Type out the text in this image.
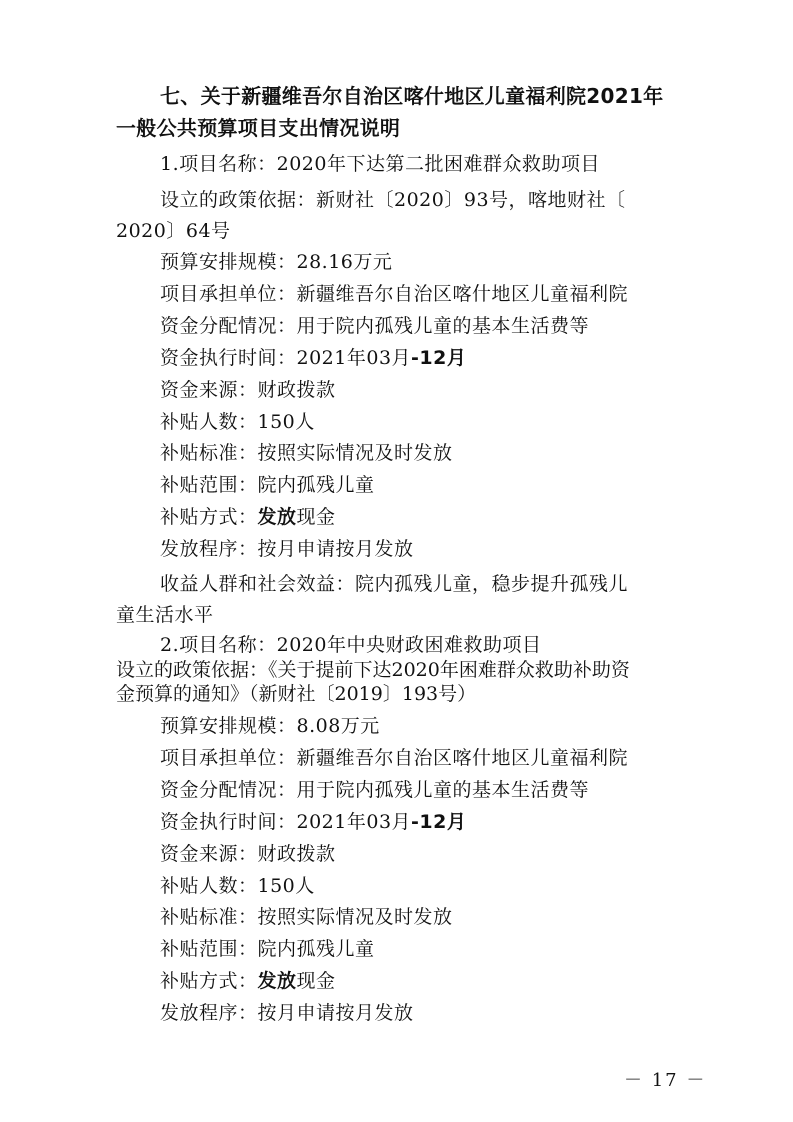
七、关于新疆维吾尔自治区喀什地区儿童福利院2021年
一般公共预算项目支出情况说明
1.项目名称：2020年下达第二批困难群众救助项目
设立的政策依据：新财社〔2020〕93号，喀地财社〔
2020〕64号
预算安排规模：28.16万元
项目承担单位：新疆维吾尔自治区喀什地区儿童福利院
资金分配情况：用于院内孤残儿童的基本生活费等
资金执行时间：2021年03月-12月
资金来源：财政拨款
补贴人数：150人
补贴标准：按照实际情况及时发放
补贴范围：院内孤残儿童
补贴方式：发放现金
发放程序：按月申请按月发放
收益人群和社会效益：院内孤残儿童，稳步提升孤残儿
童生活水平
2.项目名称：2020年中央财政困难救助项目
设立的政策依据：《关于提前下达2020年困难群众救助补助资
金预算的通知》（新财社〔2019〕193号）
预算安排规模：8.08万元
项目承担单位：新疆维吾尔自治区喀什地区儿童福利院
资金分配情况：用于院内孤残儿童的基本生活费等
资金执行时间：2021年03月-12月
资金来源：财政拨款
补贴人数：150人
补贴标准：按照实际情况及时发放
补贴范围：院内孤残儿童
补贴方式：发放现金
发放程序：按月申请按月发放
－ 17 －
